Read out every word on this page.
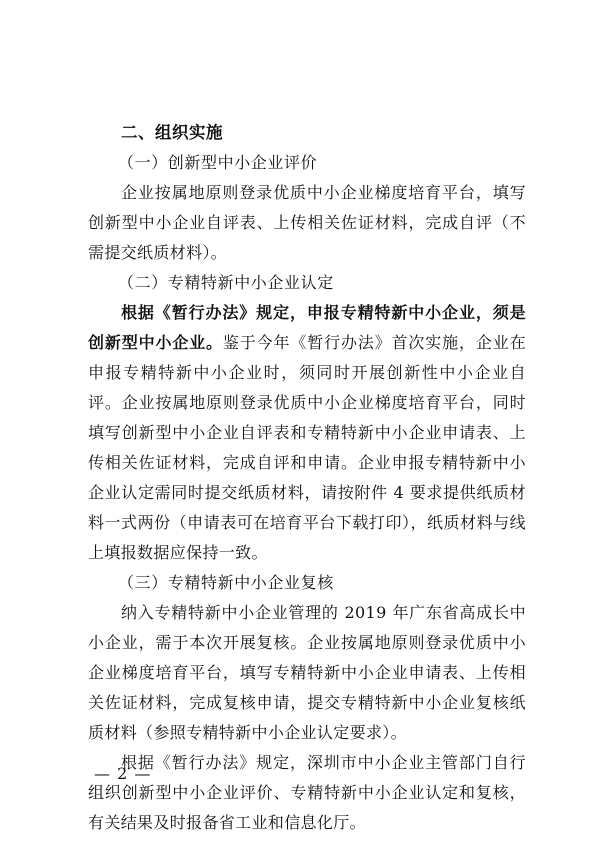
二、组织实施

（一）创新型中小企业评价

企业按属地原则登录优质中小企业梯度培育平台，填写创新型中小企业自评表、上传相关佐证材料，完成自评（不需提交纸质材料）。

（二）专精特新中小企业认定

根据《暂行办法》规定，申报专精特新中小企业，须是创新型中小企业。鉴于今年《暂行办法》首次实施，企业在申报专精特新中小企业时，须同时开展创新性中小企业自评。企业按属地原则登录优质中小企业梯度培育平台，同时填写创新型中小企业自评表和专精特新中小企业申请表、上传相关佐证材料，完成自评和申请。企业申报专精特新中小企业认定需同时提交纸质材料，请按附件 4 要求提供纸质材料一式两份（申请表可在培育平台下载打印），纸质材料与线上填报数据应保持一致。

（三）专精特新中小企业复核

纳入专精特新中小企业管理的 2019 年广东省高成长中小企业，需于本次开展复核。企业按属地原则登录优质中小企业梯度培育平台，填写专精特新中小企业申请表、上传相关佐证材料，完成复核申请，提交专精特新中小企业复核纸质材料（参照专精特新中小企业认定要求）。

根据《暂行办法》规定，深圳市中小企业主管部门自行组织创新型中小企业评价、专精特新中小企业认定和复核，有关结果及时报备省工业和信息化厅。

— 2 —
